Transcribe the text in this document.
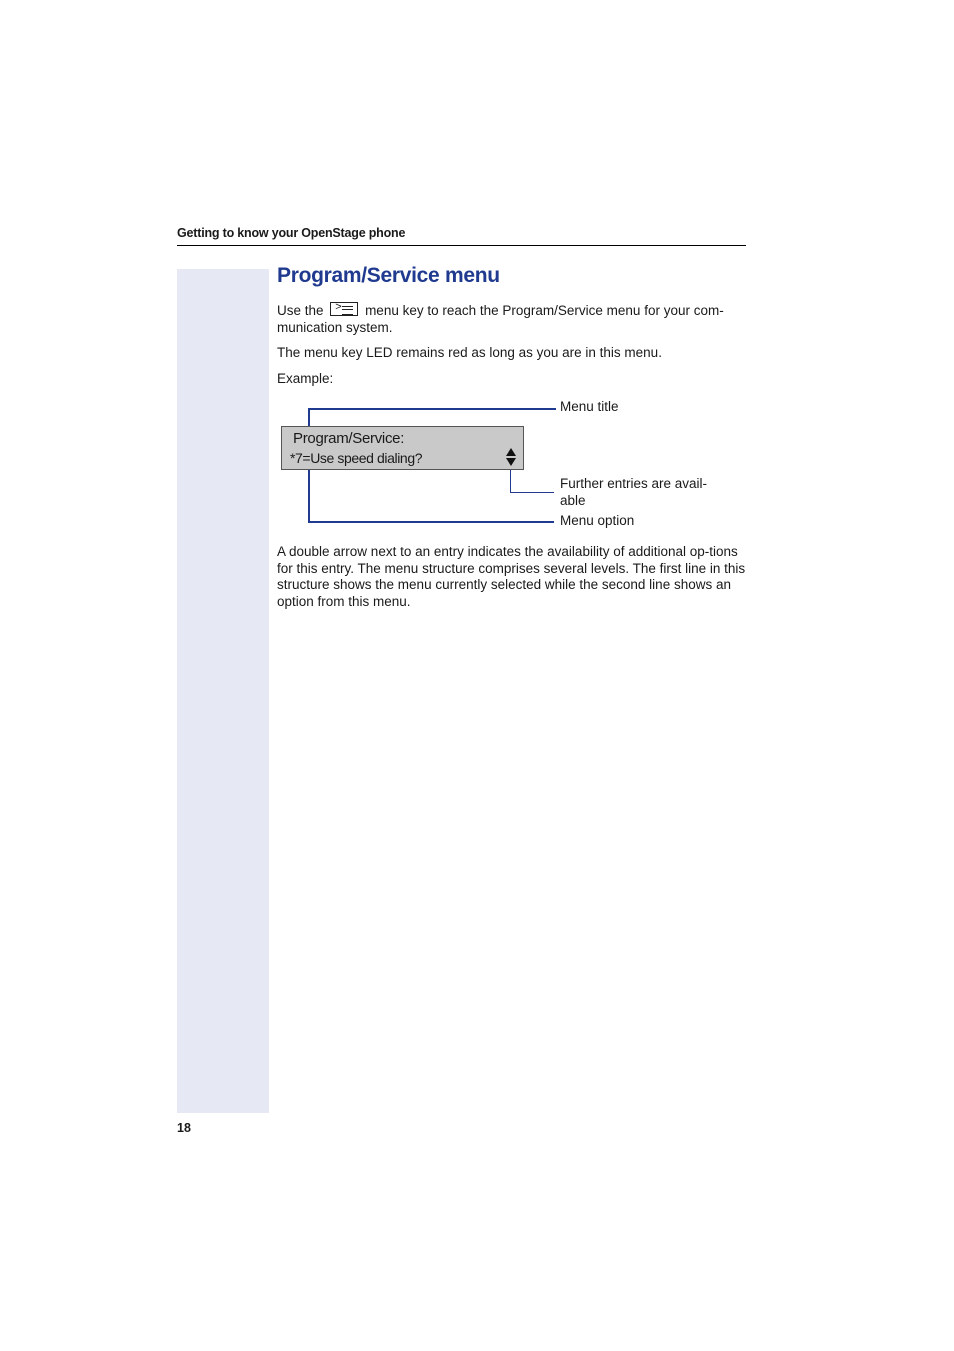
Getting to know your OpenStage phone
Program/Service menu
Use the > menu key to reach the Program/Service menu for your com-munication system.
The menu key LED remains red as long as you are in this menu.
Example:
Program/Service:
*7=Use speed dialing?
Menu title
Further entries are avail-able
Menu option
A double arrow next to an entry indicates the availability of additional op-tions for this entry. The menu structure comprises several levels. The first line in this structure shows the menu currently selected while the second line shows an option from this menu.
18
